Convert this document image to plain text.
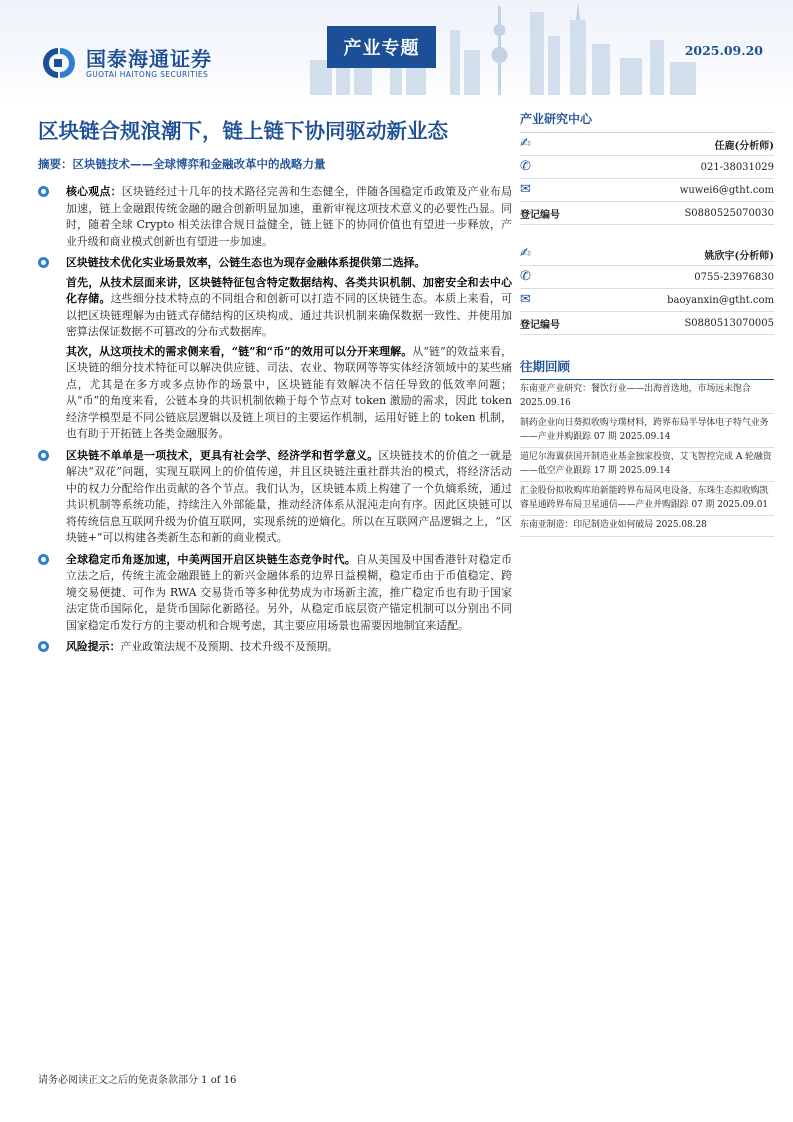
国泰海通证券
GUOTAI HAITONG SECURITIES
产业专题	2025.09.20
区块链合规浪潮下，链上链下协同驱动新业态
摘要：区块链技术——全球博弈和金融改革中的战略力量
核心观点：区块链经过十几年的技术路径完善和生态健全，伴随各国稳定币政策及产业布局加速，链上金融跟传统金融的融合创新明显加速，重新审视这项技术意义的必要性凸显。同时，随着全球 Crypto 相关法律合规日益健全，链上链下的协同价值也有望进一步释放，产业升级和商业模式创新也有望进一步加速。
区块链技术优化实业场景效率，公链生态也为现存金融体系提供第二选择。
首先，从技术层面来讲，区块链特征包含特定数据结构、各类共识机制、加密安全和去中心化存储。这些细分技术特点的不同组合和创新可以打造不同的区块链生态。本质上来看，可以把区块链理解为由链式存储结构的区块构成、通过共识机制来确保数据一致性、并使用加密算法保证数据不可篡改的分布式数据库。
其次，从这项技术的需求侧来看，“链”和“币”的效用可以分开来理解。从“链”的效益来看，区块链的细分技术特征可以解决供应链、司法、农业、物联网等等实体经济领域中的某些痛点，尤其是在多方或多点协作的场景中，区块链能有效解决不信任导致的低效率问题；从“币”的角度来看，公链本身的共识机制依赖于每个节点对 token 激励的需求，因此 token 经济学模型是不同公链底层逻辑以及链上项目的主要运作机制，运用好链上的 token 机制，也有助于开拓链上各类金融服务。
区块链不单单是一项技术，更具有社会学、经济学和哲学意义。区块链技术的价值之一就是解决“双花”问题，实现互联网上的价值传递，并且区块链注重社群共治的模式，将经济活动中的权力分配给作出贡献的各个节点。我们认为，区块链本质上构建了一个负熵系统，通过共识机制等系统功能，持续注入外部能量，推动经济体系从混沌走向有序。因此区块链可以将传统信息互联网升级为价值互联网，实现系统的逆熵化。所以在互联网产品逻辑之上，“区块链+”可以构建各类新生态和新的商业模式。
全球稳定币角逐加速，中美两国开启区块链生态竞争时代。自从美国及中国香港针对稳定币立法之后，传统主流金融跟链上的新兴金融体系的边界日益模糊，稳定币由于币值稳定、跨境交易便捷、可作为 RWA 交易货币等多种优势成为市场新主流，推广稳定币也有助于国家法定货币国际化，是货币国际化新路径。另外，从稳定币底层资产锚定机制可以分别出不同国家稳定币发行方的主要动机和合规考虑，其主要应用场景也需要因地制宜来适配。
风险提示：产业政策法规不及预期、技术升级不及预期。
产业研究中心
✍	任鹿(分析师)
✆	021-38031029
✉	wuwei6@gtht.com
登记编号	S0880525070030
✍	姚欣宇(分析师)
✆	0755-23976830
✉	baoyanxin@gtht.com
登记编号	S0880513070005
往期回顾
东南亚产业研究：餐饮行业——出海首选地，市场远未饱合 2025.09.16
制药企业向日葵拟收购兮璞材料，跨界布局半导体电子特气业务——产业并购跟踪 07 期 2025.09.14
道尼尔海翼获国开制造业基金独家投资，艾飞智控完成 A 轮融资——低空产业跟踪 17 期 2025.09.14
汇金股份拟收购库珀新能跨界布局风电设备，东珠生态拟收购凯睿星通跨界布局卫星通信——产业并购跟踪 07 期 2025.09.01
东南亚制造：印尼制造业如何破局 2025.08.28
请务必阅读正文之后的免责条款部分 1 of 16
